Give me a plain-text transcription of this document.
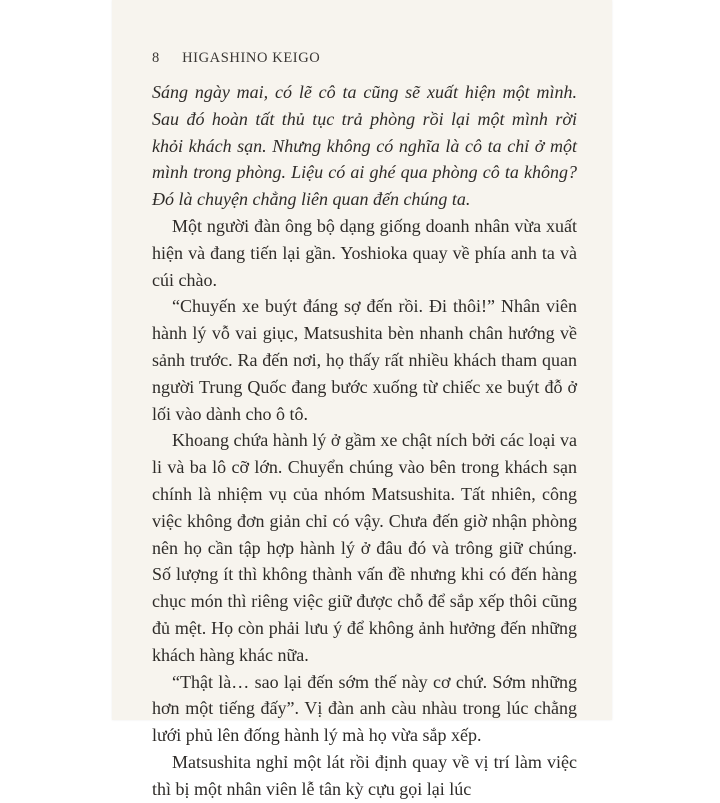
8 HIGASHINO KEIGO

Sáng ngày mai, có lẽ cô ta cũng sẽ xuất hiện một mình. Sau đó hoàn tất thủ tục trả phòng rồi lại một mình rời khỏi khách sạn. Nhưng không có nghĩa là cô ta chỉ ở một mình trong phòng. Liệu có ai ghé qua phòng cô ta không? Đó là chuyện chẳng liên quan đến chúng ta.

Một người đàn ông bộ dạng giống doanh nhân vừa xuất hiện và đang tiến lại gần. Yoshioka quay về phía anh ta và cúi chào.

“Chuyến xe buýt đáng sợ đến rồi. Đi thôi!” Nhân viên hành lý vỗ vai giục, Matsushita bèn nhanh chân hướng về sảnh trước. Ra đến nơi, họ thấy rất nhiều khách tham quan người Trung Quốc đang bước xuống từ chiếc xe buýt đỗ ở lối vào dành cho ô tô.

Khoang chứa hành lý ở gầm xe chật ních bởi các loại va li và ba lô cỡ lớn. Chuyển chúng vào bên trong khách sạn chính là nhiệm vụ của nhóm Matsushita. Tất nhiên, công việc không đơn giản chỉ có vậy. Chưa đến giờ nhận phòng nên họ cần tập hợp hành lý ở đâu đó và trông giữ chúng. Số lượng ít thì không thành vấn đề nhưng khi có đến hàng chục món thì riêng việc giữ được chỗ để sắp xếp thôi cũng đủ mệt. Họ còn phải lưu ý để không ảnh hưởng đến những khách hàng khác nữa.

“Thật là… sao lại đến sớm thế này cơ chứ. Sớm những hơn một tiếng đấy”. Vị đàn anh càu nhàu trong lúc chằng lưới phủ lên đống hành lý mà họ vừa sắp xếp.

Matsushita nghỉ một lát rồi định quay về vị trí làm việc thì bị một nhân viên lễ tân kỳ cựu gọi lại lúc
